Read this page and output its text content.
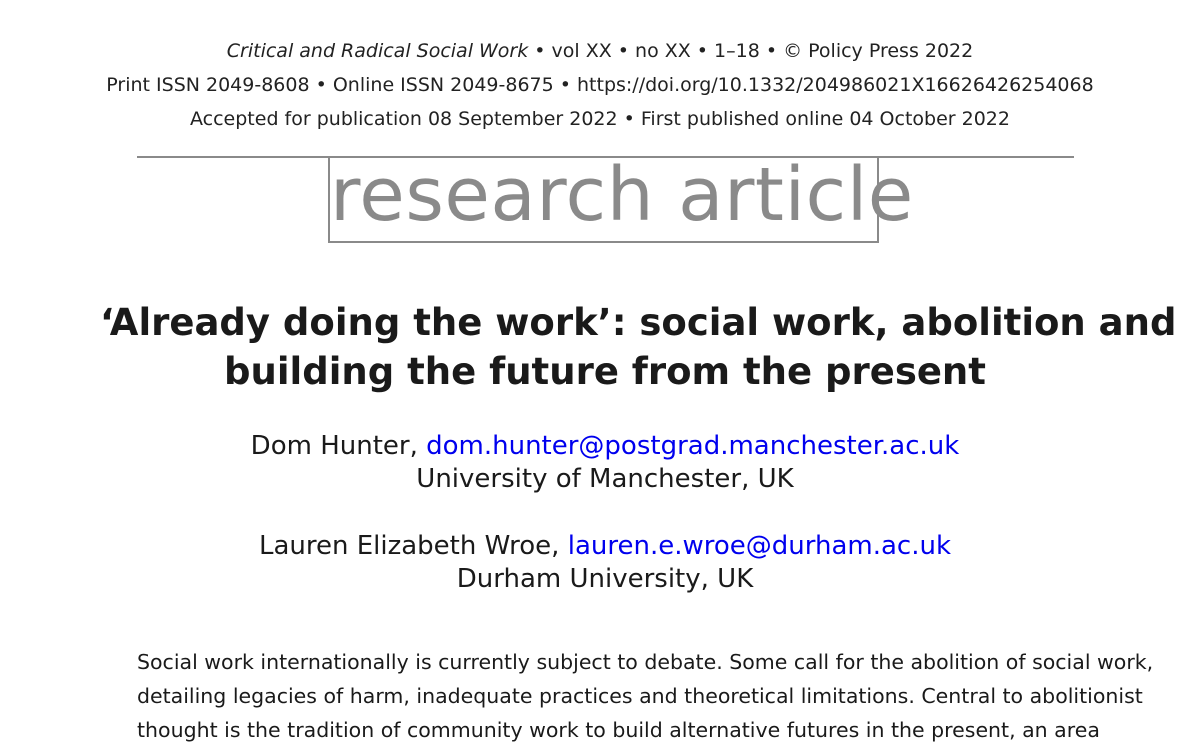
Critical and Radical Social Work • vol XX • no XX • 1–18 • © Policy Press 2022
Print ISSN 2049-8608 • Online ISSN 2049-8675 • https://doi.org/10.1332/204986021X16626426254068
Accepted for publication 08 September 2022 • First published online 04 October 2022
research article
‘Already doing the work’: social work, abolition and
building the future from the present
Dom Hunter, dom.hunter@postgrad.manchester.ac.uk
University of Manchester, UK
Lauren Elizabeth Wroe, lauren.e.wroe@durham.ac.uk
Durham University, UK
Social work internationally is currently subject to debate. Some call for the abolition of social work,
detailing legacies of harm, inadequate practices and theoretical limitations. Central to abolitionist
thought is the tradition of community work to build alternative futures in the present, an area
